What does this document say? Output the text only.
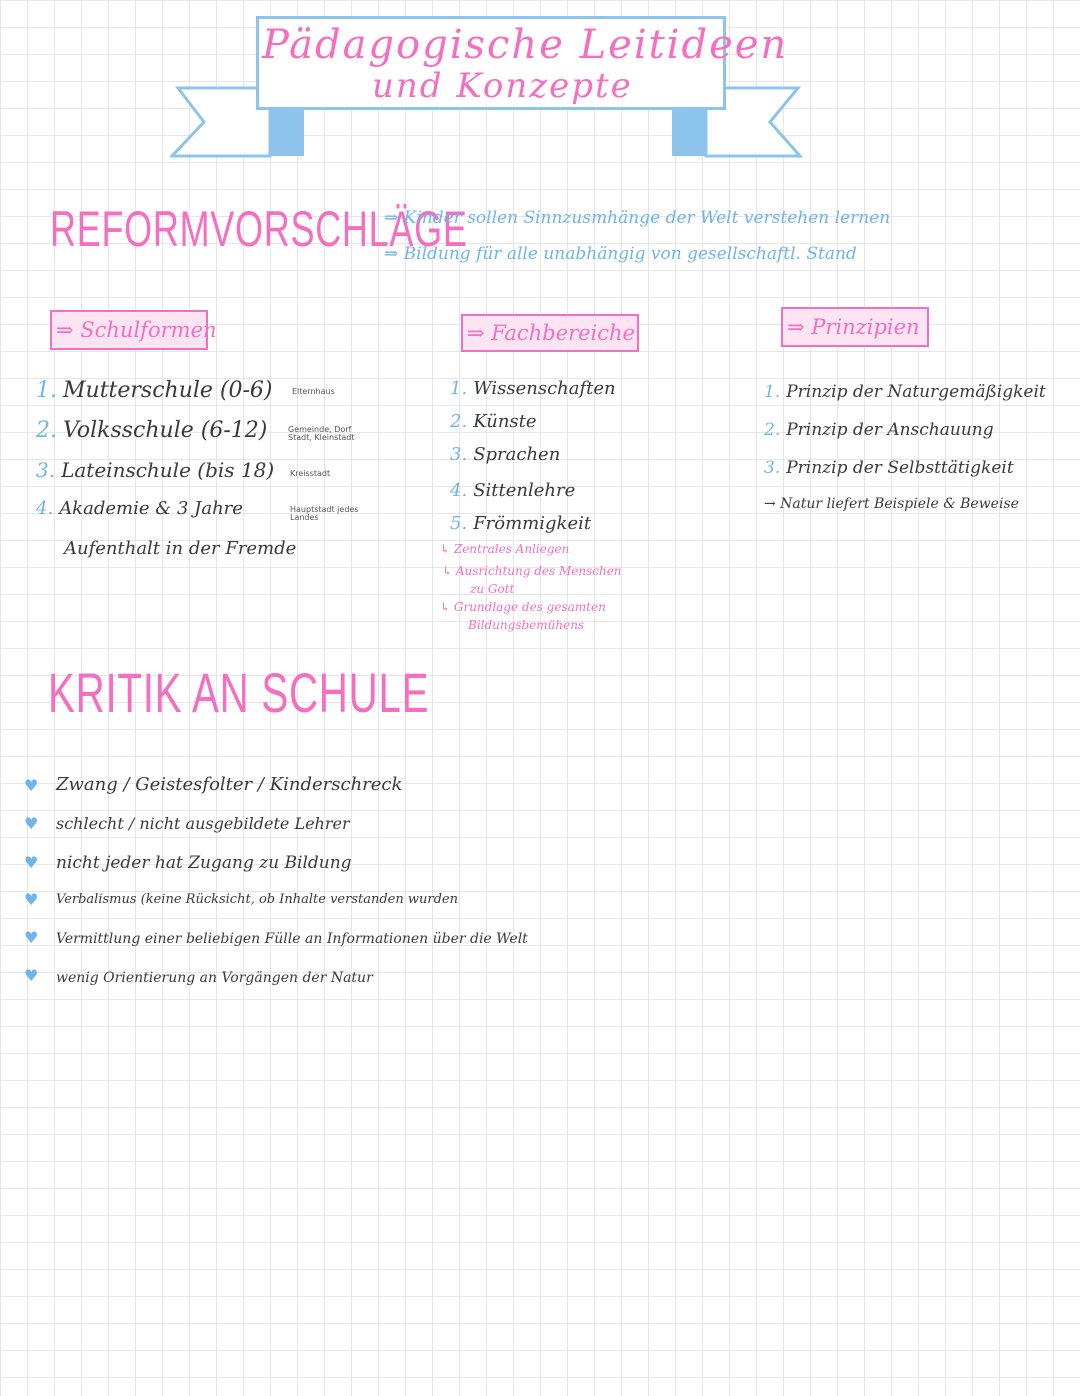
Pädagogische Leitideen
und Konzepte
REFORMVORSCHLÄGE
⇒ Kinder sollen Sinnzusmhänge der Welt verstehen lernen
⇒ Bildung für alle unabhängig von gesellschaftl. Stand
⇒ Schulformen
1. Mutterschule (0-6)
2. Volksschule (6-12)
3. Lateinschule (bis 18)
4. Akademie & 3 Jahre
Aufenthalt in der Fremde
Elternhaus
Gemeinde, Dorf Stadt, Kleinstadt
Kreisstadt
Hauptstadt jedes Landes
⇒ Fachbereiche
1. Wissenschaften
2. Künste
3. Sprachen
4. Sittenlehre
5. Frömmigkeit
↳ Zentrales Anliegen
↳ Ausrichtung des Menschen
zu Gott
↳ Grundlage des gesamten
Bildungsbemühens
⇒ Prinzipien
1. Prinzip der Naturgemäßigkeit
2. Prinzip der Anschauung
3. Prinzip der Selbsttätigkeit
→ Natur liefert Beispiele & Beweise
KRITIK AN SCHULE
♥
♥
♥
♥
♥
♥
Zwang / Geistesfolter / Kinderschreck
schlecht / nicht ausgebildete Lehrer
nicht jeder hat Zugang zu Bildung
Verbalismus (keine Rücksicht, ob Inhalte verstanden wurden
Vermittlung einer beliebigen Fülle an Informationen über die Welt
wenig Orientierung an Vorgängen der Natur
